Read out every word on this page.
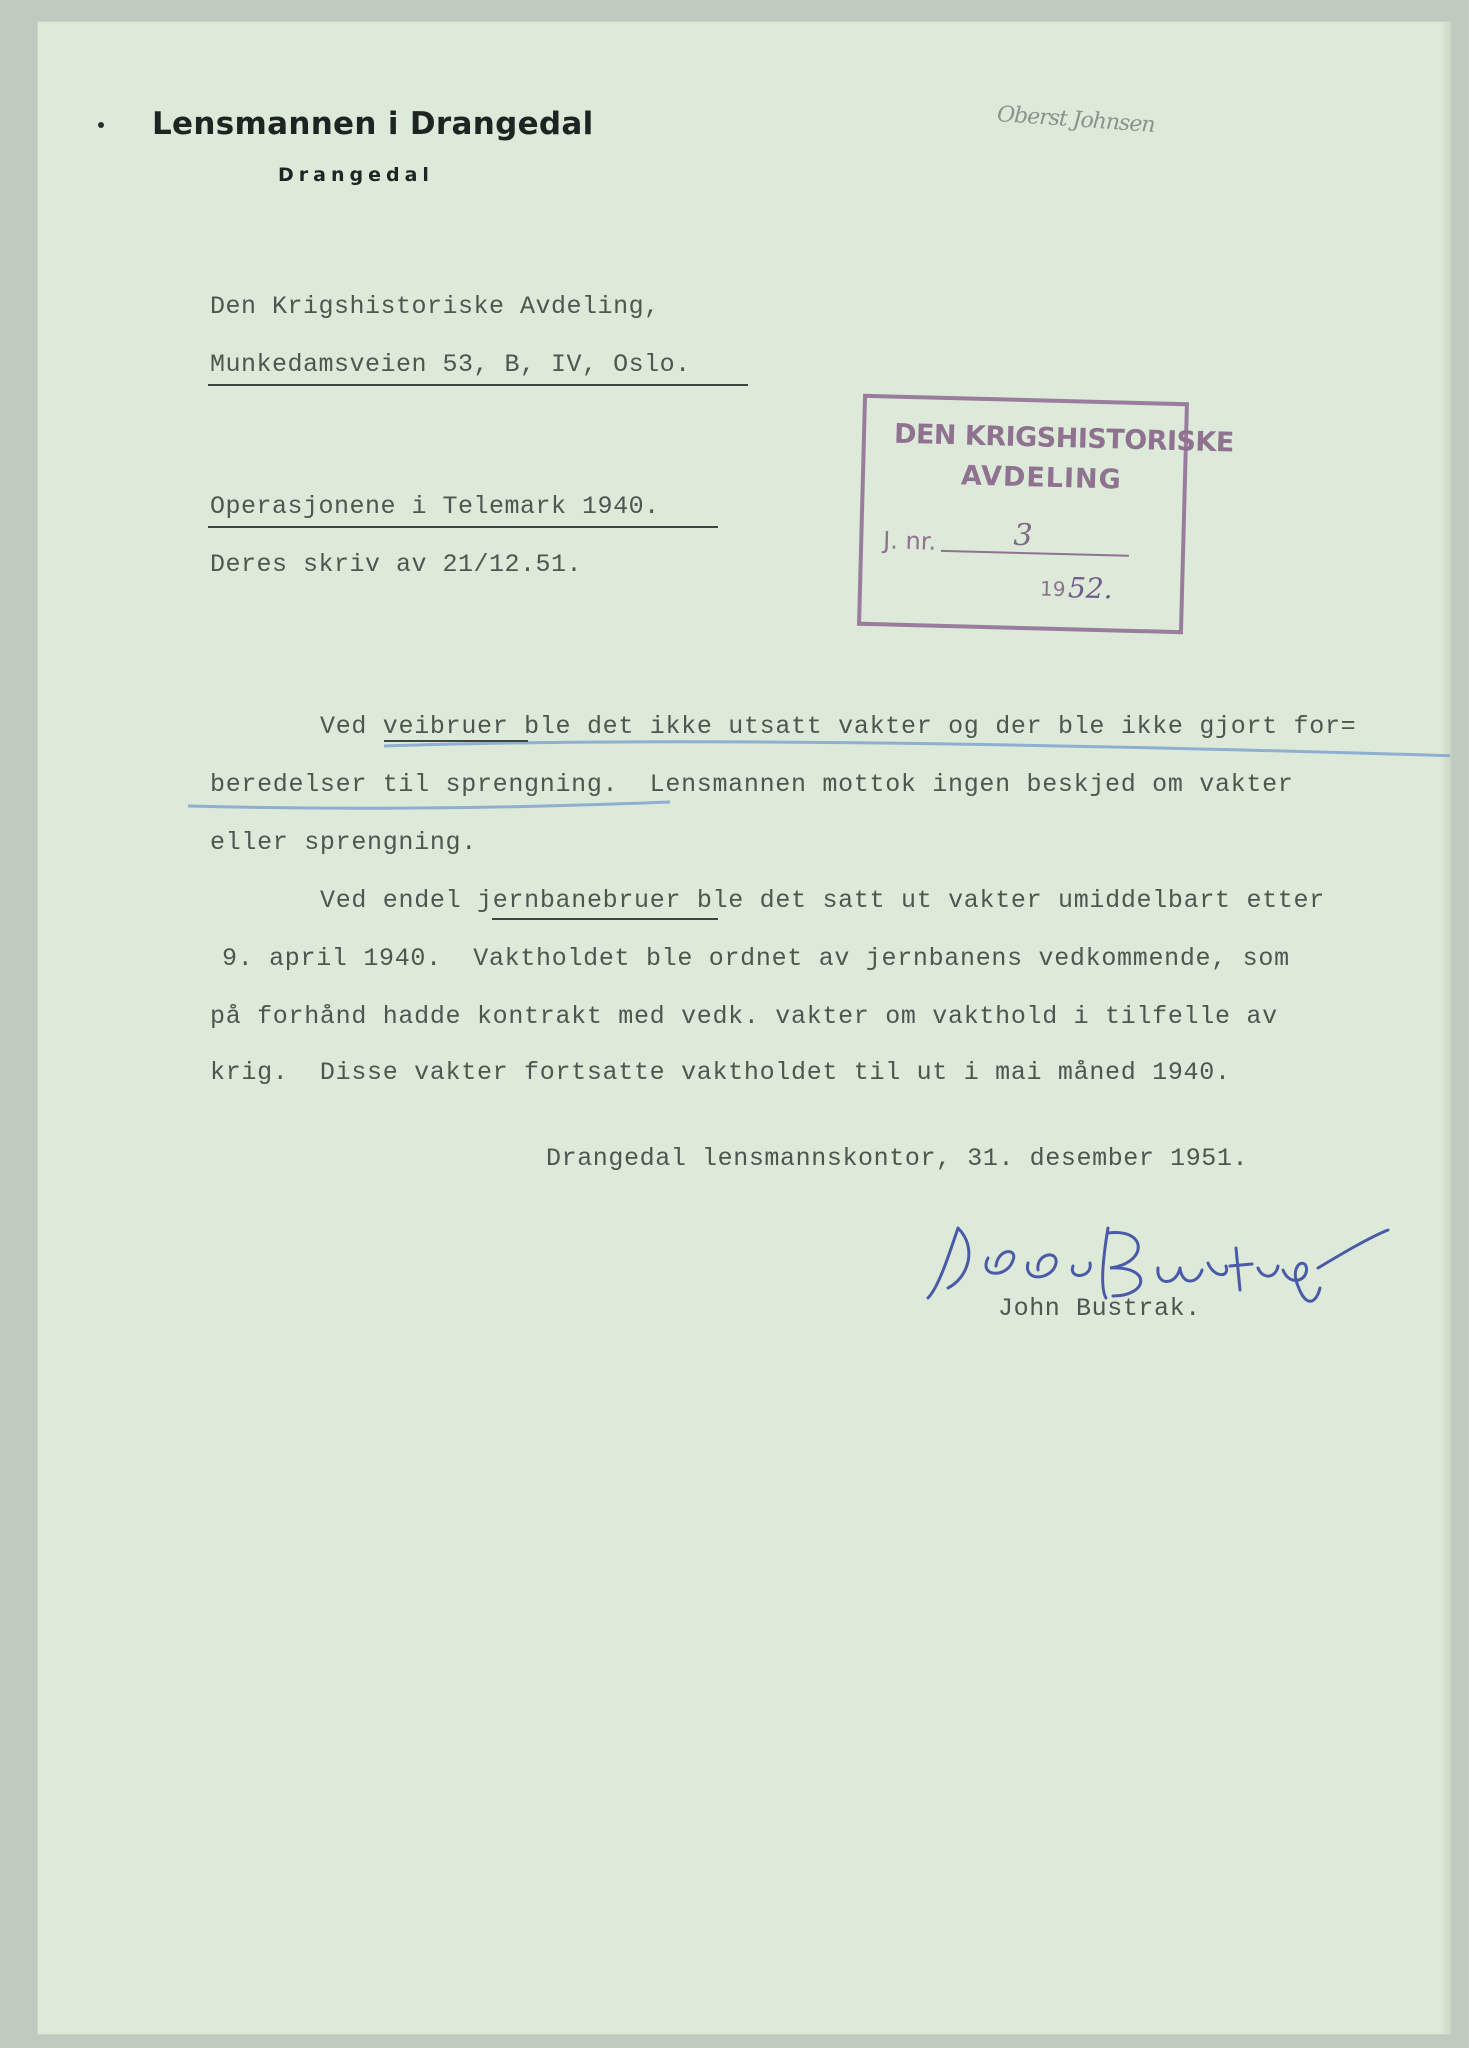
Lensmannen i Drangedal
Drangedal
Oberst Johnsen
Den Krigshistoriske Avdeling,
Munkedamsveien 53, B, IV, Oslo.
Operasjonene i Telemark 1940.
Deres skriv av 21/12.51.
DEN KRIGSHISTORISKE
AVDELING
J. nr.	3
19 52.
Ved veibruer ble det ikke utsatt vakter og der ble ikke gjort for=
beredelser til sprengning.  Lensmannen mottok ingen beskjed om vakter
eller sprengning.
Ved endel jernbanebruer ble det satt ut vakter umiddelbart etter
9. april 1940.  Vaktholdet ble ordnet av jernbanens vedkommende, som
på forhånd hadde kontrakt med vedk. vakter om vakthold i tilfelle av
krig.  Disse vakter fortsatte vaktholdet til ut i mai måned 1940.
Drangedal lensmannskontor, 31. desember 1951.
John Bustrak.
